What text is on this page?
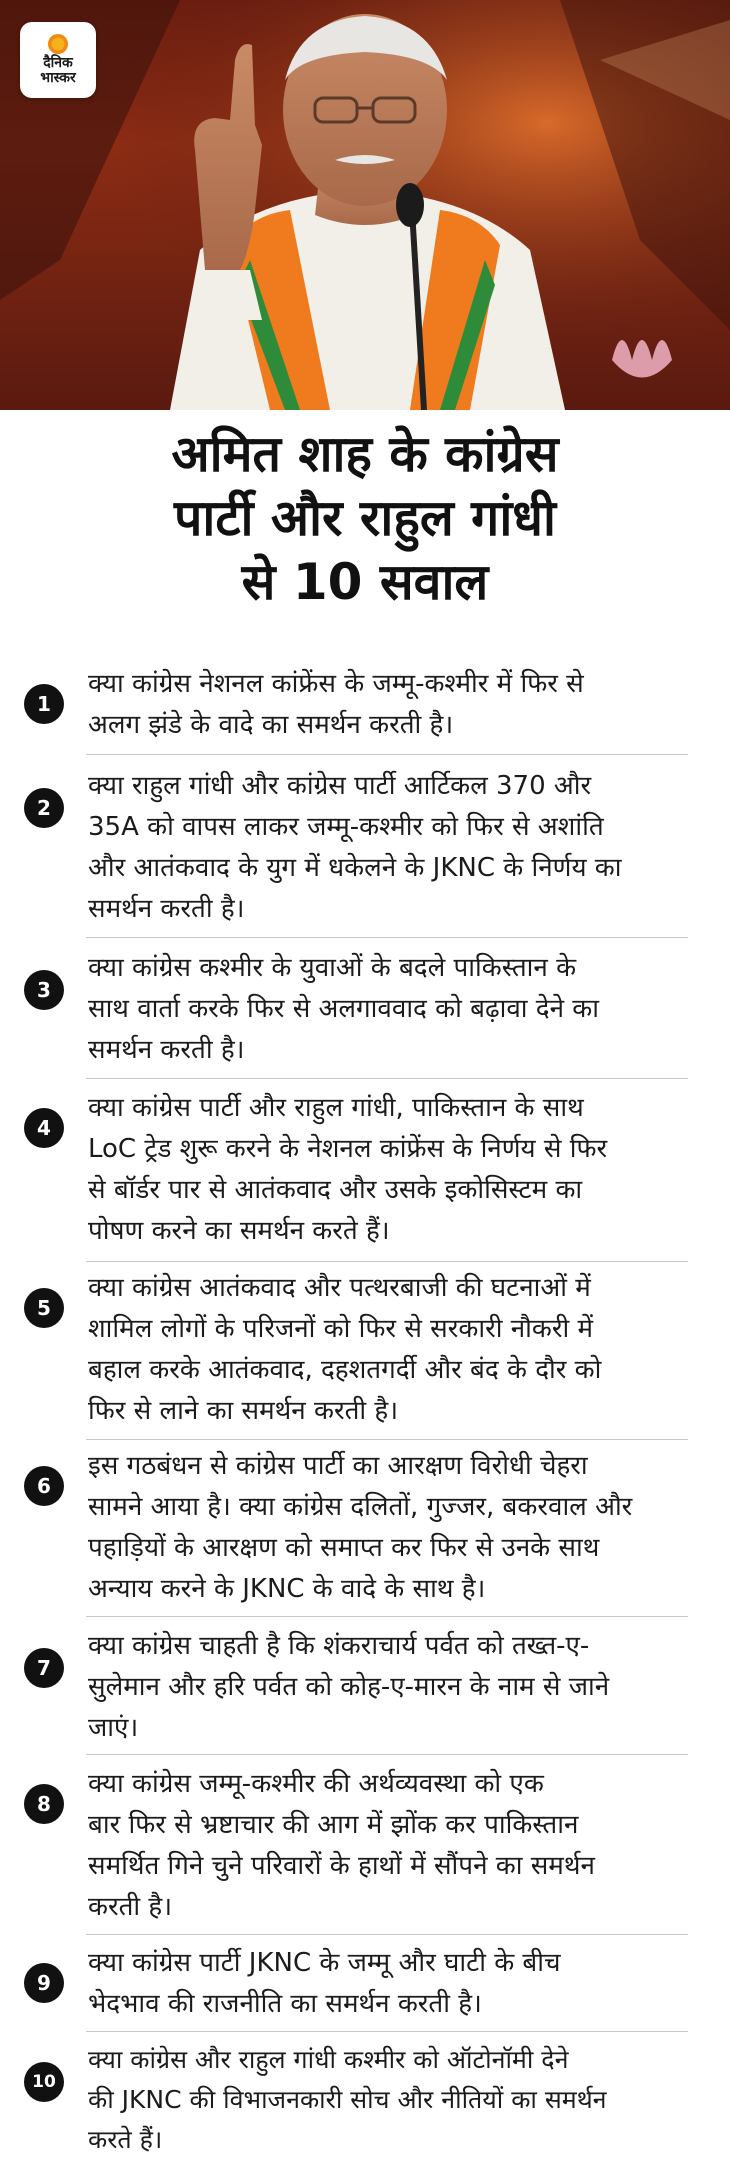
दैनिक
भास्कर
अमित शाह के कांग्रेस
पार्टी और राहुल गांधी
से 10 सवाल
1
क्या कांग्रेस नेशनल कांफ्रेंस के जम्मू-कश्मीर में फिर से
अलग झंडे के वादे का समर्थन करती है।
2
क्या राहुल गांधी और कांग्रेस पार्टी आर्टिकल 370 और
35A को वापस लाकर जम्मू-कश्मीर को फिर से अशांति
और आतंकवाद के युग में धकेलने के JKNC के निर्णय का
समर्थन करती है।
3
क्या कांग्रेस कश्मीर के युवाओं के बदले पाकिस्तान के
साथ वार्ता करके फिर से अलगाववाद को बढ़ावा देने का
समर्थन करती है।
4
क्या कांग्रेस पार्टी और राहुल गांधी, पाकिस्तान के साथ
LoC ट्रेड शुरू करने के नेशनल कांफ्रेंस के निर्णय से फिर
से बॉर्डर पार से आतंकवाद और उसके इकोसिस्टम का
पोषण करने का समर्थन करते हैं।
5
क्या कांग्रेस आतंकवाद और पत्थरबाजी की घटनाओं में
शामिल लोगों के परिजनों को फिर से सरकारी नौकरी में
बहाल करके आतंकवाद, दहशतगर्दी और बंद के दौर को
फिर से लाने का समर्थन करती है।
6
इस गठबंधन से कांग्रेस पार्टी का आरक्षण विरोधी चेहरा
सामने आया है। क्या कांग्रेस दलितों, गुज्जर, बकरवाल और
पहाड़ियों के आरक्षण को समाप्त कर फिर से उनके साथ
अन्याय करने के JKNC के वादे के साथ है।
7
क्या कांग्रेस चाहती है कि शंकराचार्य पर्वत को तख्त-ए-
सुलेमान और हरि पर्वत को कोह-ए-मारन के नाम से जाने
जाएं।
8
क्या कांग्रेस जम्मू-कश्मीर की अर्थव्यवस्था को एक
बार फिर से भ्रष्टाचार की आग में झोंक कर पाकिस्तान
समर्थित गिने चुने परिवारों के हाथों में सौंपने का समर्थन
करती है।
9
क्या कांग्रेस पार्टी JKNC के जम्मू और घाटी के बीच
भेदभाव की राजनीति का समर्थन करती है।
10
क्या कांग्रेस और राहुल गांधी कश्मीर को ऑटोनॉमी देने
की JKNC की विभाजनकारी सोच और नीतियों का समर्थन
करते हैं।
